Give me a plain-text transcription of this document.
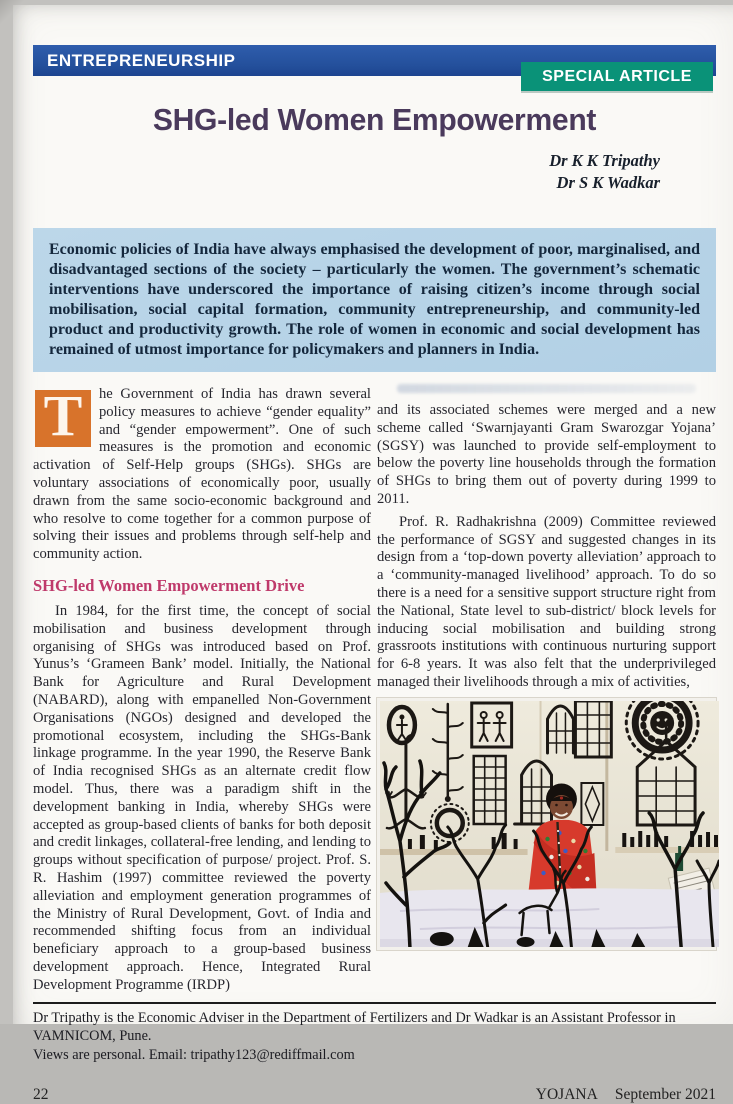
ENTREPRENEURSHIP
SPECIAL ARTICLE
SHG-led Women Empowerment
Dr K K Tripathy
Dr S K Wadkar
Economic policies of India have always emphasised the development of poor, marginalised, and disadvantaged sections of the society – particularly the women. The government’s schematic interventions have underscored the importance of raising citizen’s income through social mobilisation, social capital formation, community entrepreneurship, and community-led product and productivity growth. The role of women in economic and social development has remained of utmost importance for policymakers and planners in India.
T	he Government of India has drawn several policy measures to achieve “gender equality” and “gender empowerment”. One of such measures is the promotion and economic activation of Self-Help groups (SHGs). SHGs are voluntary associations of economically poor, usually drawn from the same socio-economic background and who resolve to come together for a common purpose of solving their issues and problems through self-help and community action.

SHG-led Women Empowerment Drive

In 1984, for the first time, the concept of social mobilisation and business development through organising of SHGs was introduced based on Prof. Yunus’s ‘Grameen Bank’ model. Initially, the National Bank for Agriculture and Rural Development (NABARD), along with empanelled Non-Government Organisations (NGOs) designed and developed the promotional ecosystem, including the SHGs-Bank linkage programme. In the year 1990, the Reserve Bank of India recognised SHGs as an alternate credit flow model. Thus, there was a paradigm shift in the development banking in India, whereby SHGs were accepted as group-based clients of banks for both deposit and credit linkages, collateral-free lending, and lending to groups without specification of purpose/ project. Prof. S. R. Hashim (1997) committee reviewed the poverty alleviation and employment generation programmes of the Ministry of Rural Development, Govt. of India and recommended shifting focus from an individual beneficiary approach to a group-based business development approach. Hence, Integrated Rural Development Programme (IRDP)

and its associated schemes were merged and a new scheme called ‘Swarnjayanti Gram Swarozgar Yojana’ (SGSY) was launched to provide self-employment to below the poverty line households through the formation of SHGs to bring them out of poverty during 1999 to 2011.

Prof. R. Radhakrishna (2009) Committee reviewed the performance of SGSY and suggested changes in its design from a ‘top-down poverty alleviation’ approach to a ‘community-managed livelihood’ approach. To do so there is a need for a sensitive support structure right from the National, State level to sub-district/ block levels for inducing social mobilisation and building strong grassroots institutions with continuous nurturing support for 6-8 years. It was also felt that the underprivileged managed their livelihoods through a mix of activities,

Dr Tripathy is the Economic Adviser in the Department of Fertilizers and Dr Wadkar is an Assistant Professor in VAMNICOM, Pune.
Views are personal. Email: tripathy123@rediffmail.com
22	YOJANA September 2021
